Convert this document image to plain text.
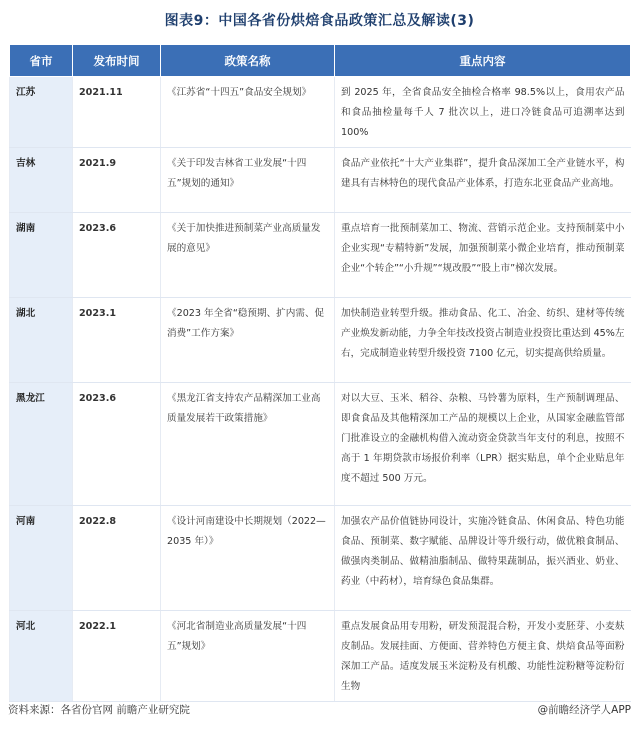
图表9：中国各省份烘焙食品政策汇总及解读(3)
省市	发布时间	政策名称	重点内容
江苏	2021.11	《江苏省“十四五”食品安全规划》	到 2025 年，全省食品安全抽检合格率 98.5%以上，食用农产品和食品抽检量每千人 7 批次以上，进口冷链食品可追溯率达到 100%
吉林	2021.9	《关于印发吉林省工业发展“十四五”规划的通知》	食品产业依托“十大产业集群”，提升食品深加工全产业链水平，构建具有吉林特色的现代食品产业体系，打造东北亚食品产业高地。
湖南	2023.6	《关于加快推进预制菜产业高质量发展的意见》	重点培育一批预制菜加工、物流、营销示范企业。支持预制菜中小企业实现“专精特新”发展，加强预制菜小微企业培育，推动预制菜企业“个转企”“小升规”“规改股”“股上市”梯次发展。
湖北	2023.1	《2023 年全省“稳预期、扩内需、促消费”工作方案》	加快制造业转型升级。推动食品、化工、冶金、纺织、建材等传统产业焕发新动能，力争全年技改投资占制造业投资比重达到 45%左右，完成制造业转型升级投资 7100 亿元，切实提高供给质量。
黑龙江	2023.6	《黑龙江省支持农产品精深加工业高质量发展若干政策措施》	对以大豆、玉米、稻谷、杂粮、马铃薯为原料，生产预制调理品、即食食品及其他精深加工产品的规模以上企业，从国家金融监管部门批准设立的金融机构借入流动资金贷款当年支付的利息，按照不高于 1 年期贷款市场报价利率（LPR）据实贴息，单个企业贴息年度不超过 500 万元。
河南	2022.8	《设计河南建设中长期规划（2022—2035 年）》	加强农产品价值链协同设计，实施冷链食品、休闲食品、特色功能食品、预制菜、数字赋能、品牌设计等升级行动，做优粮食制品、做强肉类制品、做精油脂制品、做特果蔬制品，振兴酒业、奶业、药业（中药材），培育绿色食品集群。
河北	2022.1	《河北省制造业高质量发展“十四五”规划》	重点发展食品用专用粉，研发预混混合粉，开发小麦胚芽、小麦麸皮制品。发展挂面、方便面、营养特色方便主食、烘焙食品等面粉深加工产品。适度发展玉米淀粉及有机酸、功能性淀粉糖等淀粉衍生物
资料来源：各省份官网 前瞻产业研究院	@前瞻经济学人APP
